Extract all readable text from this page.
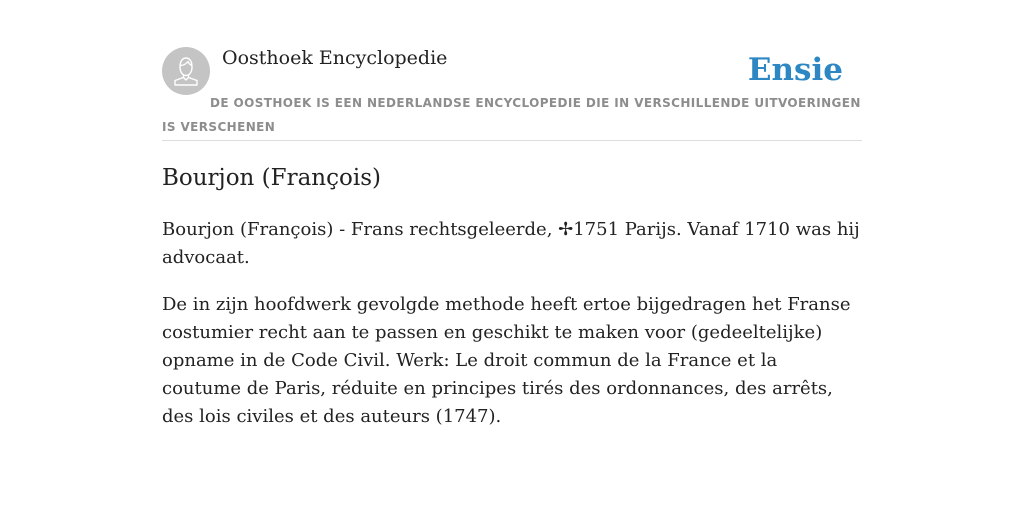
Oosthoek Encyclopedie	Ensie
DE OOSTHOEK IS EEN NEDERLANDSE ENCYCLOPEDIE DIE IN VERSCHILLENDE UITVOERINGEN IS VERSCHENEN
Bourjon (François)

Bourjon (François) - Frans rechtsgeleerde, ✢1751 Parijs. Vanaf 1710 was hij advocaat.

De in zijn hoofdwerk gevolgde methode heeft ertoe bijgedragen het Franse costumier recht aan te passen en geschikt te maken voor (gedeeltelijke) opname in de Code Civil. Werk: Le droit commun de la France et la coutume de Paris, réduite en principes tirés des ordonnances, des arrêts, des lois civiles et des auteurs (1747).
